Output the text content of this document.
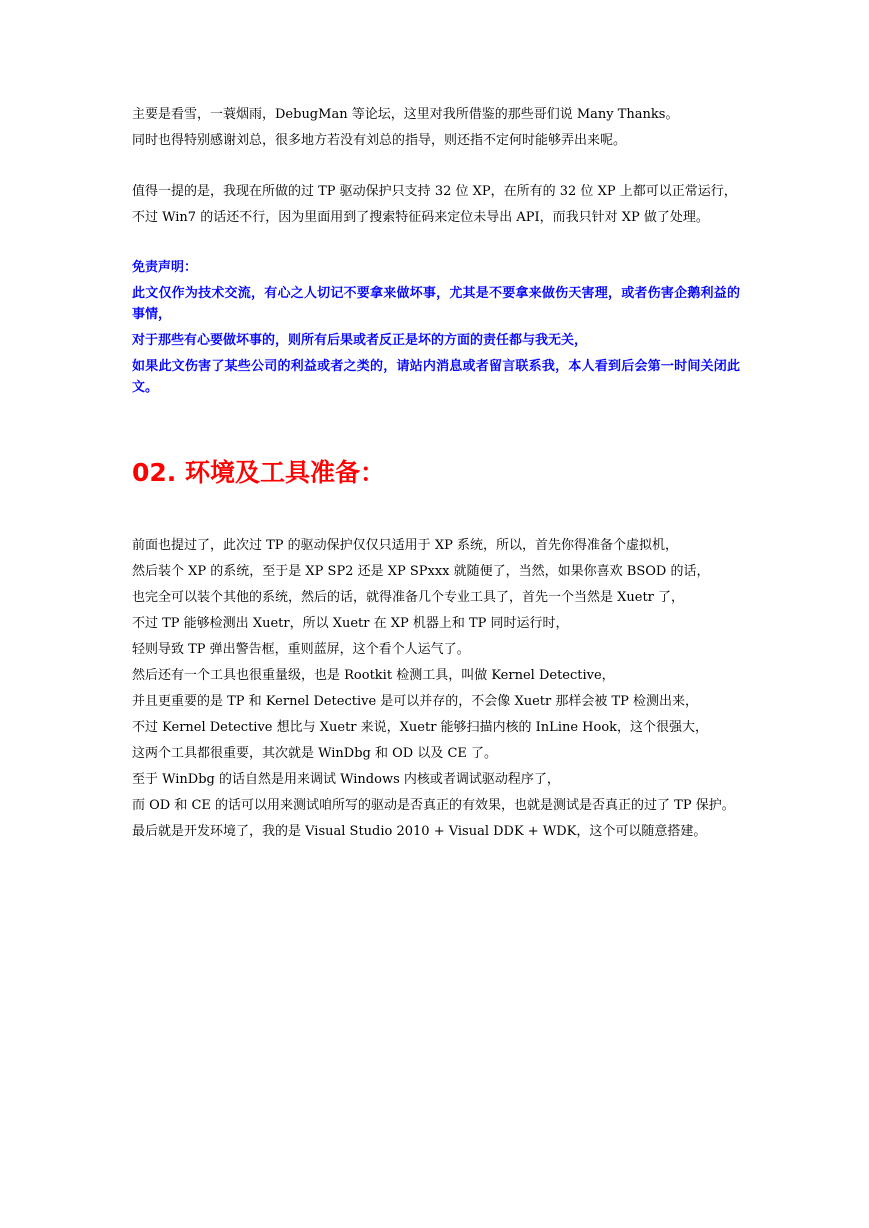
主要是看雪，一蓑烟雨，DebugMan 等论坛，这里对我所借鉴的那些哥们说 Many Thanks。

同时也得特别感谢刘总，很多地方若没有刘总的指导，则还指不定何时能够弄出来呢。

值得一提的是，我现在所做的过 TP 驱动保护只支持 32 位 XP，在所有的 32 位 XP 上都可以正常运行，

不过 Win7 的话还不行，因为里面用到了搜索特征码来定位未导出 API，而我只针对 XP 做了处理。

免责声明：

此文仅作为技术交流，有心之人切记不要拿来做坏事，尤其是不要拿来做伤天害理，或者伤害企鹅利益的事情，

对于那些有心要做坏事的，则所有后果或者反正是坏的方面的责任都与我无关，

如果此文伤害了某些公司的利益或者之类的，请站内消息或者留言联系我，本人看到后会第一时间关闭此文。

02. 环境及工具准备：

前面也提过了，此次过 TP 的驱动保护仅仅只适用于 XP 系统，所以，首先你得准备个虚拟机，

然后装个 XP 的系统，至于是 XP SP2 还是 XP SPxxx 就随便了，当然，如果你喜欢 BSOD 的话，

也完全可以装个其他的系统，然后的话，就得准备几个专业工具了，首先一个当然是 Xuetr 了，

不过 TP 能够检测出 Xuetr，所以 Xuetr 在 XP 机器上和 TP 同时运行时，

轻则导致 TP 弹出警告框，重则蓝屏，这个看个人运气了。

然后还有一个工具也很重量级，也是 Rootkit 检测工具，叫做 Kernel Detective，

并且更重要的是 TP 和 Kernel Detective 是可以并存的，不会像 Xuetr 那样会被 TP 检测出来，

不过 Kernel Detective 想比与 Xuetr 来说，Xuetr 能够扫描内核的 InLine Hook，这个很强大，

这两个工具都很重要，其次就是 WinDbg 和 OD 以及 CE 了。

至于 WinDbg 的话自然是用来调试 Windows 内核或者调试驱动程序了，

而 OD 和 CE 的话可以用来测试咱所写的驱动是否真正的有效果，也就是测试是否真正的过了 TP 保护。

最后就是开发环境了，我的是 Visual Studio 2010 + Visual DDK + WDK，这个可以随意搭建。
